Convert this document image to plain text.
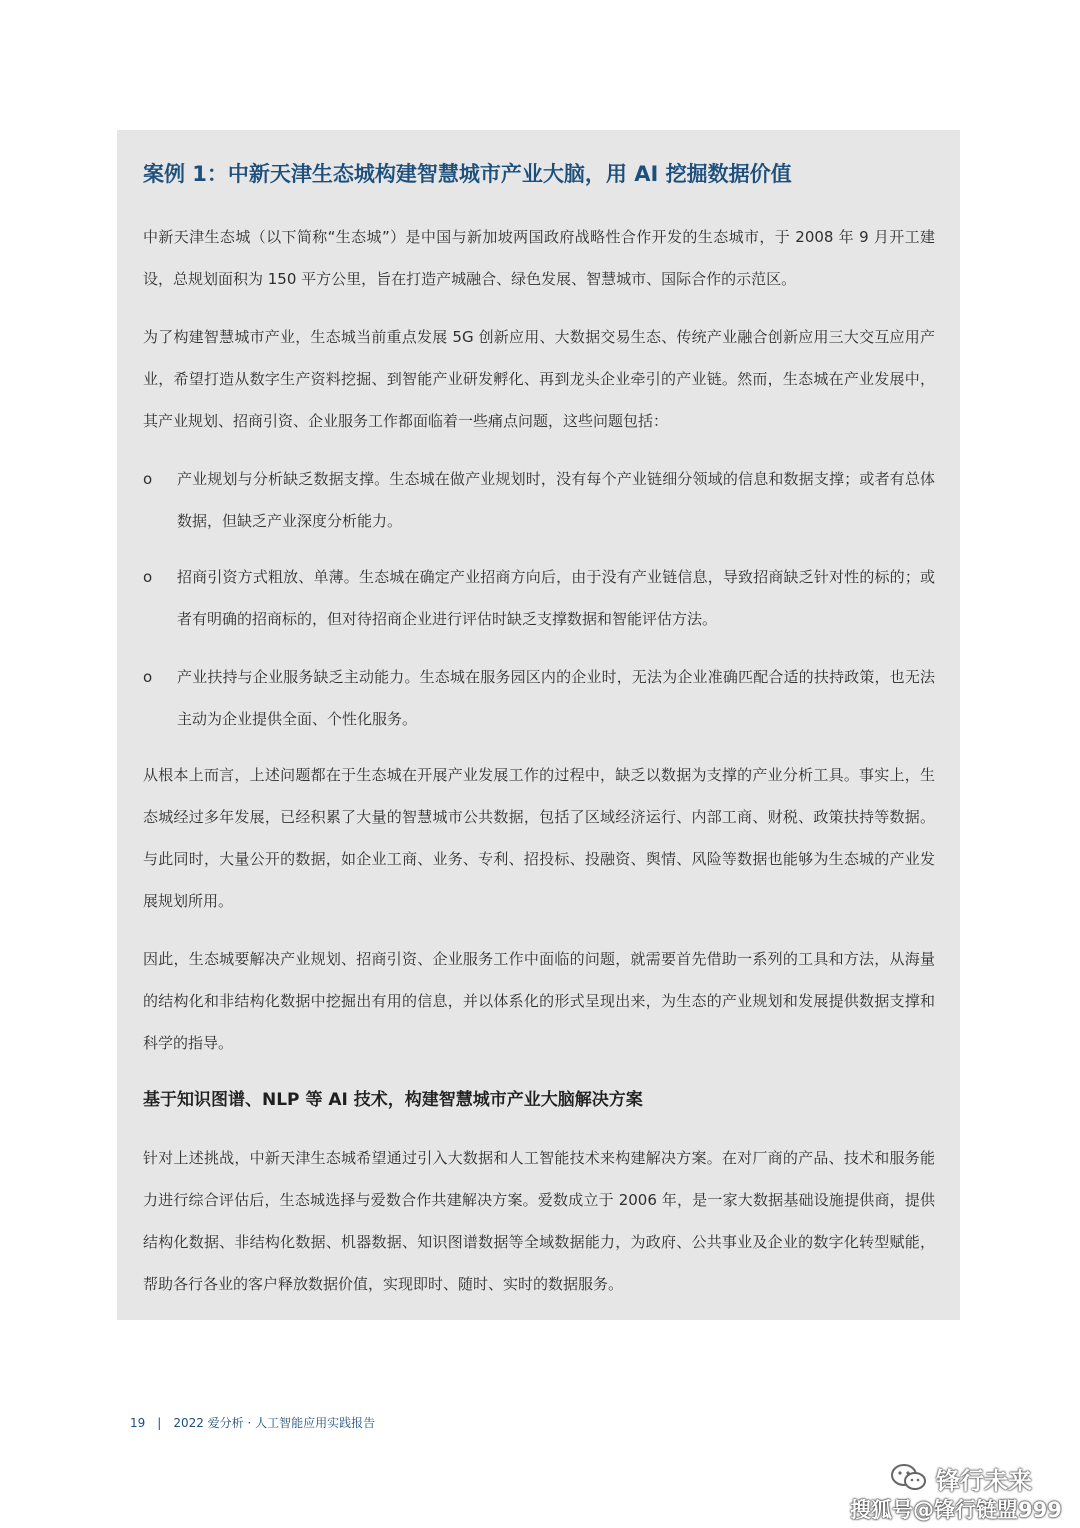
案例 1：中新天津生态城构建智慧城市产业大脑，用 AI 挖掘数据价值

中新天津生态城（以下简称“生态城”）是中国与新加坡两国政府战略性合作开发的生态城市，于 2008 年 9 月开工建设，总规划面积为 150 平方公里，旨在打造产城融合、绿色发展、智慧城市、国际合作的示范区。

为了构建智慧城市产业，生态城当前重点发展 5G 创新应用、大数据交易生态、传统产业融合创新应用三大交互应用产业，希望打造从数字生产资料挖掘、到智能产业研发孵化、再到龙头企业牵引的产业链。然而，生态城在产业发展中，其产业规划、招商引资、企业服务工作都面临着一些痛点问题，这些问题包括：

o 产业规划与分析缺乏数据支撑。生态城在做产业规划时，没有每个产业链细分领域的信息和数据支撑；或者有总体数据，但缺乏产业深度分析能力。

o 招商引资方式粗放、单薄。生态城在确定产业招商方向后，由于没有产业链信息，导致招商缺乏针对性的标的；或者有明确的招商标的，但对待招商企业进行评估时缺乏支撑数据和智能评估方法。

o 产业扶持与企业服务缺乏主动能力。生态城在服务园区内的企业时，无法为企业准确匹配合适的扶持政策，也无法主动为企业提供全面、个性化服务。

从根本上而言，上述问题都在于生态城在开展产业发展工作的过程中，缺乏以数据为支撑的产业分析工具。事实上，生态城经过多年发展，已经积累了大量的智慧城市公共数据，包括了区域经济运行、内部工商、财税、政策扶持等数据。与此同时，大量公开的数据，如企业工商、业务、专利、招投标、投融资、舆情、风险等数据也能够为生态城的产业发展规划所用。

因此，生态城要解决产业规划、招商引资、企业服务工作中面临的问题，就需要首先借助一系列的工具和方法，从海量的结构化和非结构化数据中挖掘出有用的信息，并以体系化的形式呈现出来，为生态的产业规划和发展提供数据支撑和科学的指导。

基于知识图谱、NLP 等 AI 技术，构建智慧城市产业大脑解决方案

针对上述挑战，中新天津生态城希望通过引入大数据和人工智能技术来构建解决方案。在对厂商的产品、技术和服务能力进行综合评估后，生态城选择与爱数合作共建解决方案。爱数成立于 2006 年，是一家大数据基础设施提供商，提供结构化数据、非结构化数据、机器数据、知识图谱数据等全域数据能力，为政府、公共事业及企业的数字化转型赋能，帮助各行各业的客户释放数据价值，实现即时、随时、实时的数据服务。

19 | 2022 爱分析 · 人工智能应用实践报告
锋行未来
搜狐号@锋行链盟999
